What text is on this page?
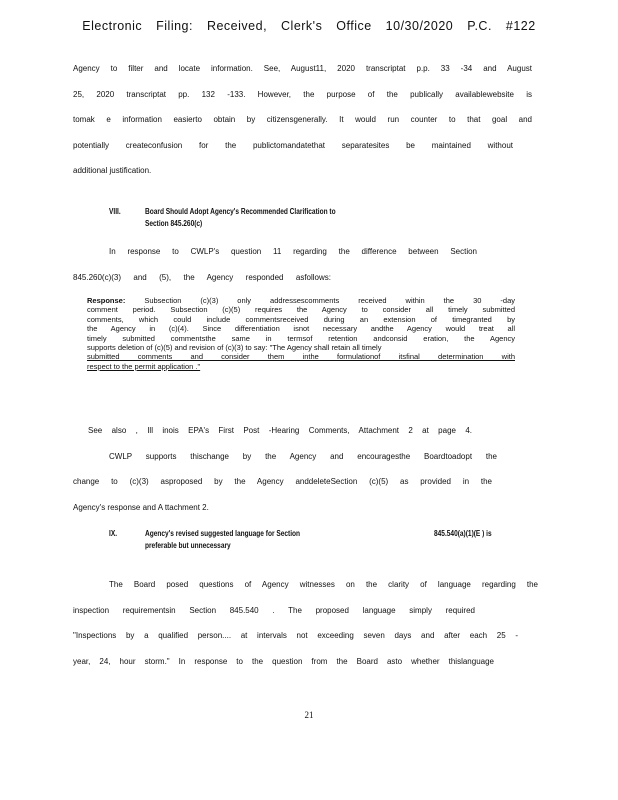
Electronic Filing: Received, Clerk's Office 10/30/2020 P.C. #122
Agency to filter and locate information. See, August11, 2020 transcriptat p.p. 33 -34 and August
25, 2020 transcriptat pp. 132 -133. However, the purpose of the publically availablewebsite is
tomak e information easierto obtain by citizensgenerally. It would run counter to that goal and
potentially createconfusion for the publictomandatethat separatesites be maintained without
additional justification.
VIII.	Board Should Adopt Agency's Recommended Clarification to
Section 845.260(c)
In response to CWLP's question 11 regarding the difference between Section
845.260(c)(3) and (5), the Agency responded asfollows:
Response:	Subsection (c)(3) only addressescomments received within the 30 -day
comment period. Subsection (c)(5) requires the Agency to consider all timely submitted
comments, which could include commentsreceived during an extension of timegranted by
the Agency in (c)(4). Since differentiation isnot necessary andthe Agency would treat all
timely submitted commentsthe same in termsof retention andconsid eration, the Agency
supports deletion of (c)(5) and revision of (c)(3) to say: "The Agency shall retain all timely
submitted comments and consider them inthe formulationof itsfinal determination with
respect to the permit application ."
See also , Ill inois EPA's First Post -Hearing Comments, Attachment 2 at page 4.
CWLP supports thischange by the Agency and encouragesthe Boardtoadopt the
change to (c)(3) asproposed by the Agency anddeleteSection (c)(5) as provided in the
Agency's response and A ttachment 2.
IX.	Agency's revised suggested language for Section	845.540(a)(1)(E ) is
preferable but unnecessary
The Board posed questions of Agency witnesses on the clarity of language regarding the
inspection requirementsin Section 845.540 . The proposed language simply required
"Inspections by a qualified person.... at intervals not exceeding seven days and after each 25 -
year, 24, hour storm." In response to the question from the Board asto whether thislanguage
21
